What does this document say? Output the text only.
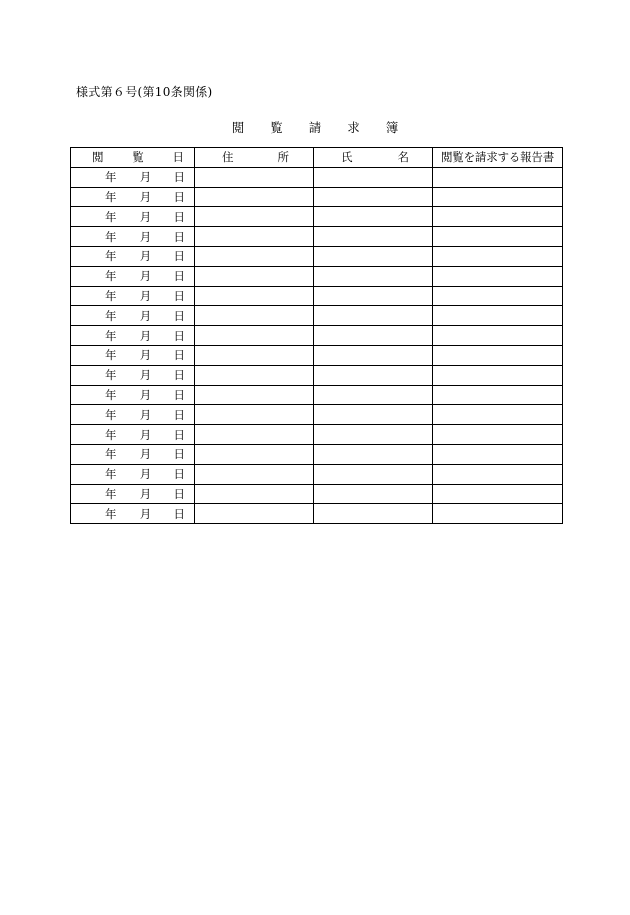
様式第６号(第10条関係)
閲 覧 請 求 簿
閲 覧 日	住 所	氏 名	閲覧を請求する報告書

年 月 日			

年 月 日			

年 月 日			

年 月 日			

年 月 日			

年 月 日			

年 月 日			

年 月 日			

年 月 日			

年 月 日			

年 月 日			

年 月 日			

年 月 日			

年 月 日			

年 月 日			

年 月 日			

年 月 日			

年 月 日			
